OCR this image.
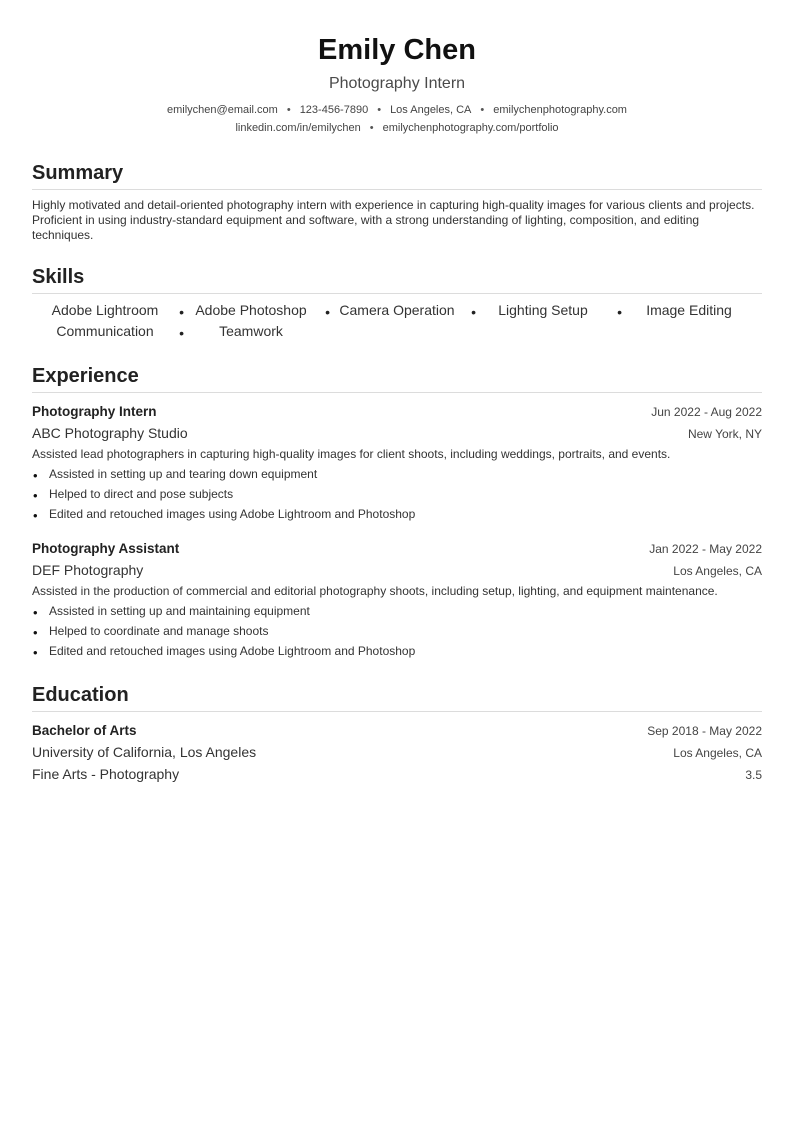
Emily Chen
Photography Intern
emilychen@email.com • 123-456-7890 • Los Angeles, CA • emilychenphotography.com
linkedin.com/in/emilychen • emilychenphotography.com/portfolio
Summary
Highly motivated and detail-oriented photography intern with experience in capturing high-quality images for various clients and projects. Proficient in using industry-standard equipment and software, with a strong understanding of lighting, composition, and editing techniques.
Skills
Adobe Lightroom • Adobe Photoshop • Camera Operation •	Lighting Setup •	Image Editing
Communication •	Teamwork
Experience
Photography Intern	Jun 2022 - Aug 2022
ABC Photography Studio	New York, NY
Assisted lead photographers in capturing high-quality images for client shoots, including weddings, portraits, and events.
• Assisted in setting up and tearing down equipment
• Helped to direct and pose subjects
• Edited and retouched images using Adobe Lightroom and Photoshop
Photography Assistant	Jan 2022 - May 2022
DEF Photography	Los Angeles, CA
Assisted in the production of commercial and editorial photography shoots, including setup, lighting, and equipment maintenance.
• Assisted in setting up and maintaining equipment
• Helped to coordinate and manage shoots
• Edited and retouched images using Adobe Lightroom and Photoshop
Education
Bachelor of Arts	Sep 2018 - May 2022
University of California, Los Angeles	Los Angeles, CA
Fine Arts - Photography	3.5
